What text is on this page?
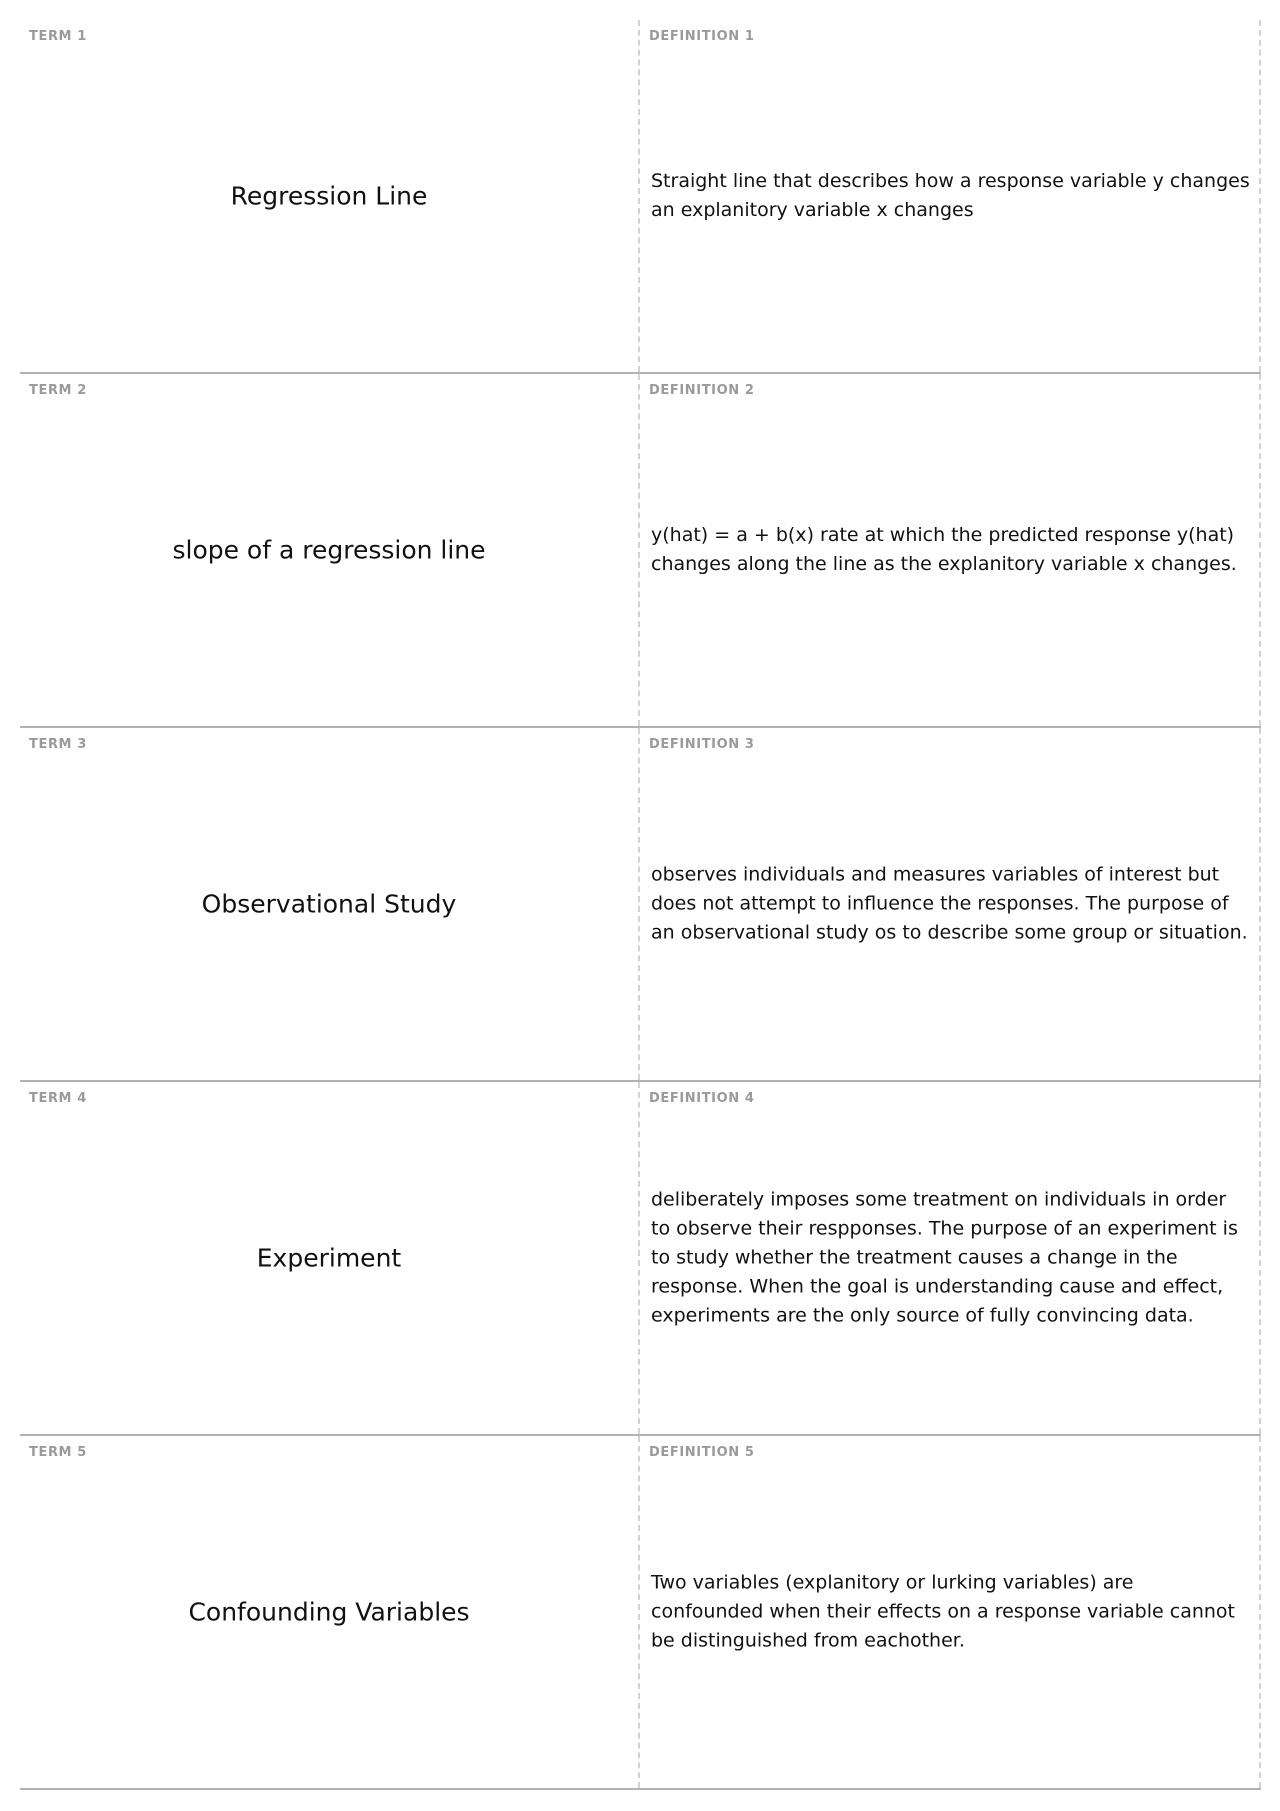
TERM 1
Regression Line
DEFINITION 1
Straight line that describes how a response variable y changes an explanitory variable x changes
TERM 2
slope of a regression line
DEFINITION 2
y(hat) = a + b(x) rate at which the predicted response y(hat) changes along the line as the explanitory variable x changes.
TERM 3
Observational Study
DEFINITION 3
observes individuals and measures variables of interest but does not attempt to influence the responses. The purpose of an observational study os to describe some group or situation.
TERM 4
Experiment
DEFINITION 4
deliberately imposes some treatment on individuals in order to observe their respponses. The purpose of an experiment is to study whether the treatment causes a change in the response. When the goal is understanding cause and effect, experiments are the only source of fully convincing data.
TERM 5
Confounding Variables
DEFINITION 5
Two variables (explanitory or lurking variables) are confounded when their effects on a response variable cannot be distinguished from eachother.
